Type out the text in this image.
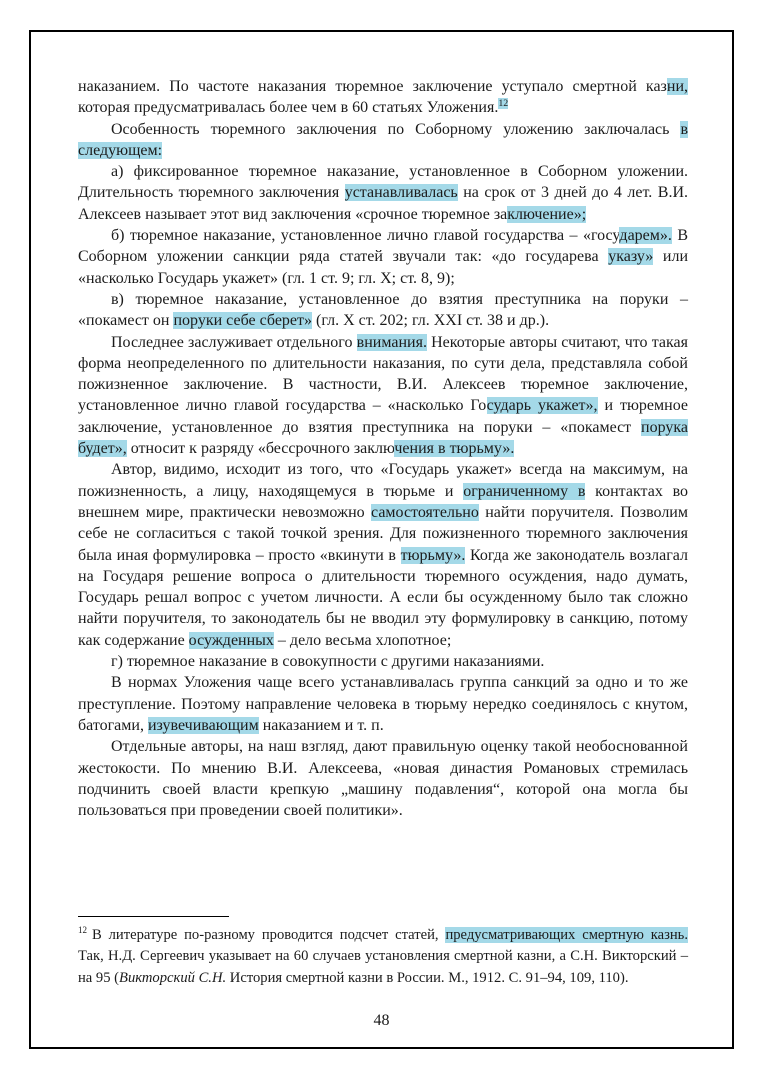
наказанием. По частоте наказания тюремное заключение уступало смертной казни, которая предусматривалась более чем в 60 статьях Уложения.$^{12}$

Особенность тюремного заключения по Соборному уложению заключалась в следующем:

а) фиксированное тюремное наказание, установленное в Соборном уложении. Длительность тюремного заключения устанавливалась на срок от 3 дней до 4 лет. В.И. Алексеев называет этот вид заключения «срочное тюремное заключение»;

б) тюремное наказание, установленное лично главой государства – «государем». В Соборном уложении санкции ряда статей звучали так: «до государева указу» или «насколько Государь укажет» (гл. 1 ст. 9; гл. X; ст. 8, 9);

в) тюремное наказание, установленное до взятия преступника на поруки – «покамест он поруки себе сберет» (гл. X ст. 202; гл. XXI ст. 38 и др.).

Последнее заслуживает отдельного внимания. Некоторые авторы считают, что такая форма неопределенного по длительности наказания, по сути дела, представляла собой пожизненное заключение. В частности, В.И. Алексеев тюремное заключение, установленное лично главой государства – «насколько Государь укажет», и тюремное заключение, установленное до взятия преступника на поруки – «покамест порука будет», относит к разряду «бессрочного заключения в тюрьму».

Автор, видимо, исходит из того, что «Государь укажет» всегда на максимум, на пожизненность, а лицу, находящемуся в тюрьме и ограниченному в контактах во внешнем мире, практически невозможно самостоятельно найти поручителя. Позволим себе не согласиться с такой точкой зрения. Для пожизненного тюремного заключения была иная формулировка – просто «вкинути в тюрьму». Когда же законодатель возлагал на Государя решение вопроса о длительности тюремного осуждения, надо думать, Государь решал вопрос с учетом личности. А если бы осужденному было так сложно найти поручителя, то законодатель бы не вводил эту формулировку в санкцию, потому как содержание осужденных – дело весьма хлопотное;

г) тюремное наказание в совокупности с другими наказаниями.

В нормах Уложения чаще всего устанавливалась группа санкций за одно и то же преступление. Поэтому направление человека в тюрьму нередко соединялось с кнутом, батогами, изувечивающим наказанием и т. п.

Отдельные авторы, на наш взгляд, дают правильную оценку такой необоснованной жестокости. По мнению В.И. Алексеева, «новая династия Романовых стремилась подчинить своей власти крепкую „машину подавления“, которой она могла бы пользоваться при проведении своей политики».

$^{12}$ В литературе по-разному проводится подсчет статей, предусматривающих смертную казнь. Так, Н.Д. Сергеевич указывает на 60 случаев установления смертной казни, а С.Н. Викторский – на 95 (Викторский С.Н. История смертной казни в России. М., 1912. С. 91–94, 109, 110).

48
